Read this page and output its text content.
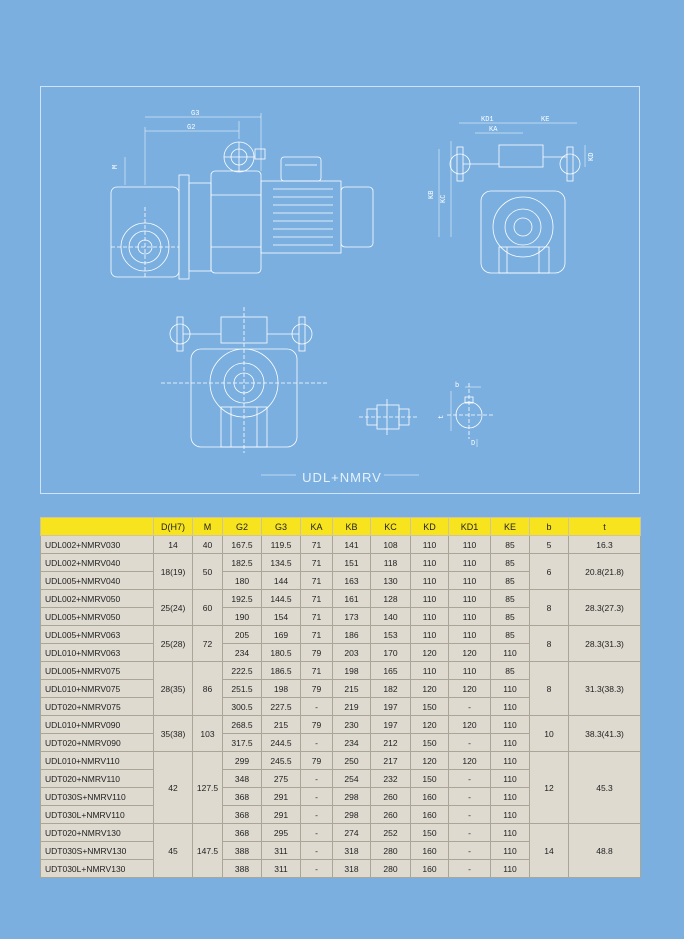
G3
G2
M
KD1
KA
KE
KB KC
KD
b
t
D
UDL+NMRV
	D(H7)	M	G2	G3	KA	KB	KC	KD	KD1	KE	b	t
UDL002+NMRV030	14	40	167.5	119.5	71	141	108	110	110	85	5	16.3
UDL002+NMRV040	18(19)	50	182.5	134.5	71	151	118	110	110	85	6	20.8(21.8)
UDL005+NMRV040			180	144	71	163	130	110	110	85		
UDL002+NMRV050	25(24)	60	192.5	144.5	71	161	128	110	110	85	8	28.3(27.3)
UDL005+NMRV050			190	154	71	173	140	110	110	85		
UDL005+NMRV063	25(28)	72	205	169	71	186	153	110	110	85	8	28.3(31.3)
UDL010+NMRV063			234	180.5	79	203	170	120	120	110		
UDL005+NMRV075	28(35)	86	222.5	186.5	71	198	165	110	110	85	8	31.3(38.3)
UDL010+NMRV075			251.5	198	79	215	182	120	120	110		
UDT020+NMRV075			300.5	227.5	-	219	197	150	-	110		
UDL010+NMRV090	35(38)	103	268.5	215	79	230	197	120	120	110	10	38.3(41.3)
UDT020+NMRV090			317.5	244.5	-	234	212	150	-	110		
UDL010+NMRV110	42	127.5	299	245.5	79	250	217	120	120	110	12	45.3
UDT020+NMRV110			348	275	-	254	232	150	-	110		
UDT030S+NMRV110			368	291	-	298	260	160	-	110		
UDT030L+NMRV110			368	291	-	298	260	160	-	110		
UDT020+NMRV130	45	147.5	368	295	-	274	252	150	-	110	14	48.8
UDT030S+NMRV130			388	311	-	318	280	160	-	110		
UDT030L+NMRV130			388	311	-	318	280	160	-	110		
